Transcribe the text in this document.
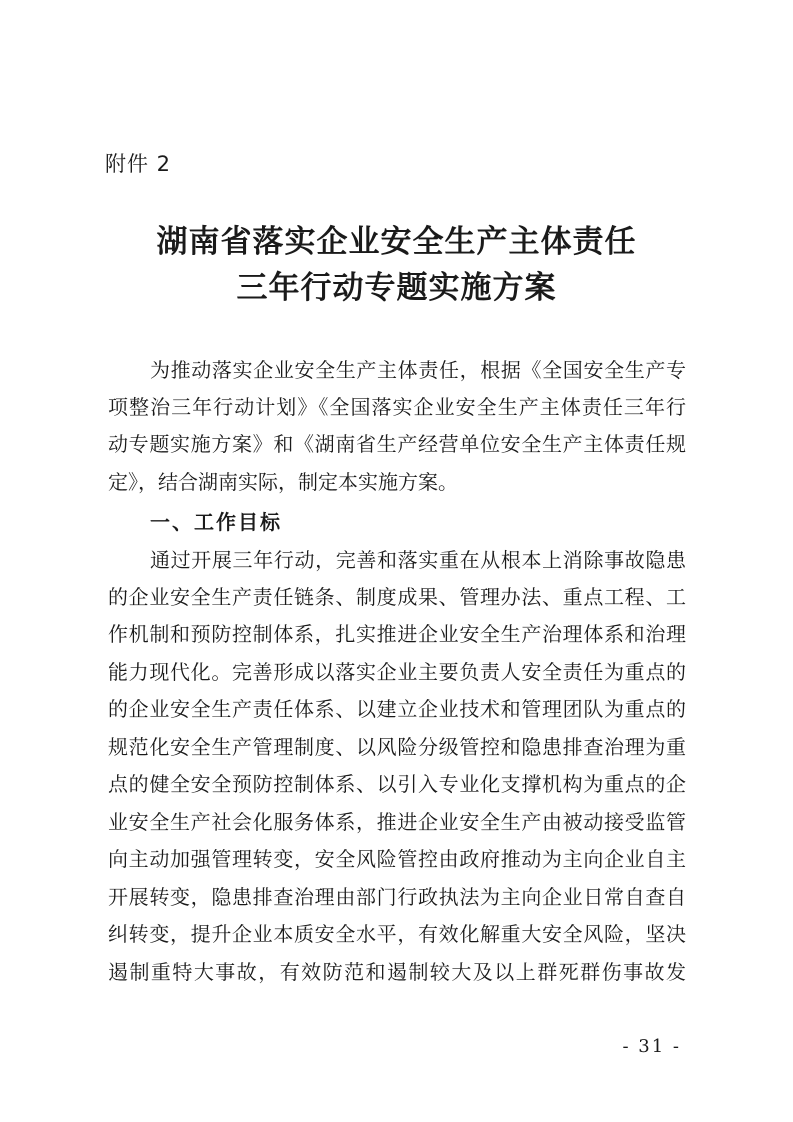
附件 2
湖南省落实企业安全生产主体责任
三年行动专题实施方案
为推动落实企业安全生产主体责任，根据《全国安全生产专
项整治三年行动计划》《全国落实企业安全生产主体责任三年行
动专题实施方案》和《湖南省生产经营单位安全生产主体责任规
定》，结合湖南实际，制定本实施方案。
一、工作目标
通过开展三年行动，完善和落实重在从根本上消除事故隐患
的企业安全生产责任链条、制度成果、管理办法、重点工程、工
作机制和预防控制体系，扎实推进企业安全生产治理体系和治理
能力现代化。完善形成以落实企业主要负责人安全责任为重点的
的企业安全生产责任体系、以建立企业技术和管理团队为重点的
规范化安全生产管理制度、以风险分级管控和隐患排查治理为重
点的健全安全预防控制体系、以引入专业化支撑机构为重点的企
业安全生产社会化服务体系，推进企业安全生产由被动接受监管
向主动加强管理转变，安全风险管控由政府推动为主向企业自主
开展转变，隐患排查治理由部门行政执法为主向企业日常自查自
纠转变，提升企业本质安全水平，有效化解重大安全风险，坚决
遏制重特大事故，有效防范和遏制较大及以上群死群伤事故发
- 31 -
